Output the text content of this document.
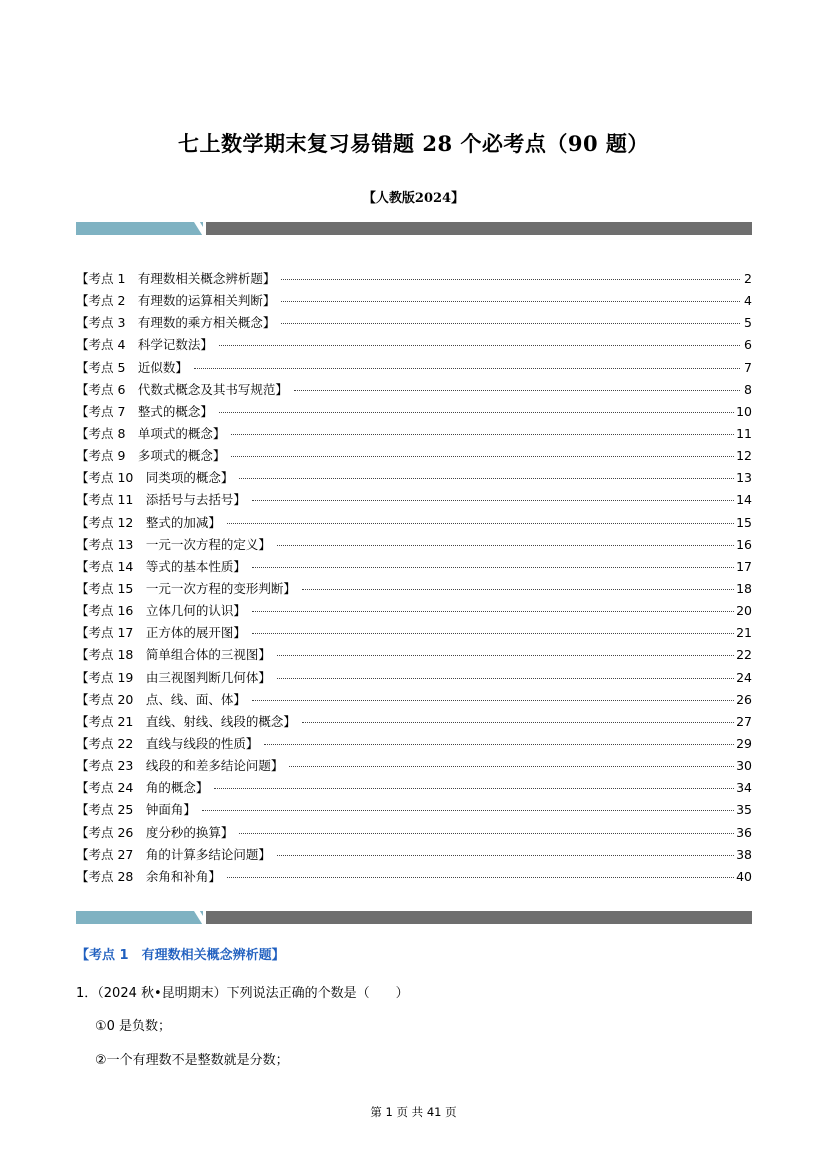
七上数学期末复习易错题 28 个必考点（90 题）
【人教版2024】
【考点 1　有理数相关概念辨析题】	2
【考点 2　有理数的运算相关判断】	4
【考点 3　有理数的乘方相关概念】	5
【考点 4　科学记数法】	6
【考点 5　近似数】	7
【考点 6　代数式概念及其书写规范】	8
【考点 7　整式的概念】	10
【考点 8　单项式的概念】	11
【考点 9　多项式的概念】	12
【考点 10　同类项的概念】	13
【考点 11　添括号与去括号】	14
【考点 12　整式的加减】	15
【考点 13　一元一次方程的定义】	16
【考点 14　等式的基本性质】	17
【考点 15　一元一次方程的变形判断】	18
【考点 16　立体几何的认识】	20
【考点 17　正方体的展开图】	21
【考点 18　简单组合体的三视图】	22
【考点 19　由三视图判断几何体】	24
【考点 20　点、线、面、体】	26
【考点 21　直线、射线、线段的概念】	27
【考点 22　直线与线段的性质】	29
【考点 23　线段的和差多结论问题】	30
【考点 24　角的概念】	34
【考点 25　钟面角】	35
【考点 26　度分秒的换算】	36
【考点 27　角的计算多结论问题】	38
【考点 28　余角和补角】	40
【考点 1　有理数相关概念辨析题】
1．（2024 秋•昆明期末）下列说法正确的个数是（　　）
①0 是负数；
②一个有理数不是整数就是分数；
第 1 页 共 41 页
